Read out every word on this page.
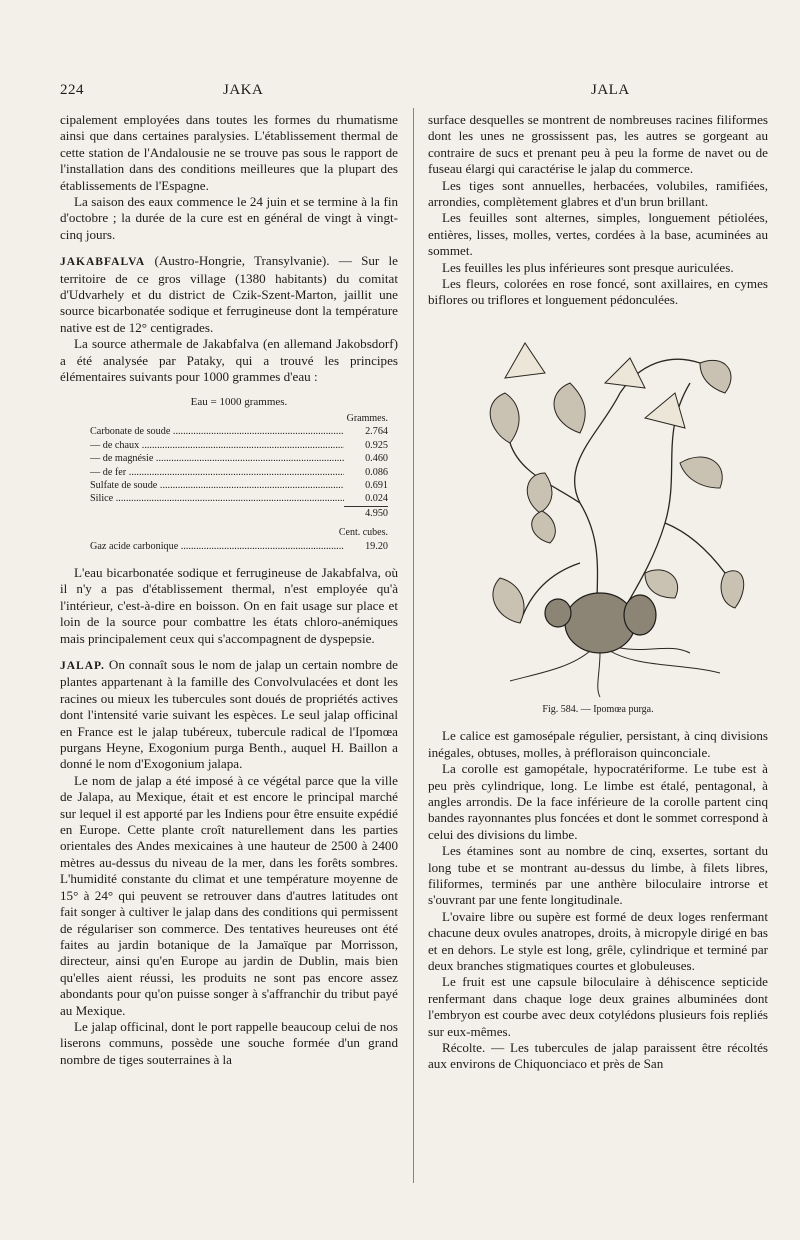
224	JAKA	JALA

cipalement employées dans toutes les formes du rhumatisme ainsi que dans certaines paralysies. L'établissement thermal de cette station de l'Andalousie ne se trouve pas sous le rapport de l'installation dans des conditions meilleures que la plupart des établissements de l'Espagne.

La saison des eaux commence le 24 juin et se termine à la fin d'octobre ; la durée de la cure est en général de vingt à vingt-cinq jours.

JAKABFALVA (Austro-Hongrie, Transylvanie). — Sur le territoire de ce gros village (1380 habitants) du comitat d'Udvarhely et du district de Czik-Szent-Marton, jaillit une source bicarbonatée sodique et ferrugineuse dont la température native est de 12° centigrades.

La source athermale de Jakabfalva (en allemand Jakobsdorf) a été analysée par Pataky, qui a trouvé les principes élémentaires suivants pour 1000 grammes d'eau :

Eau = 1000 grammes.
Grammes.
Carbonate de soude .....	2.764
— de chaux .....	0.925
— de magnésie .....	0.460
— de fer .....	0.086
Sulfate de soude .....	0.691
Silice .....	0.024
4.950
Cent. cubes.
Gaz acide carbonique .....	19.20

L'eau bicarbonatée sodique et ferrugineuse de Jakabfalva, où il n'y a pas d'établissement thermal, n'est employée qu'à l'intérieur, c'est-à-dire en boisson. On en fait usage sur place et loin de la source pour combattre les états chloro-anémiques mais principalement ceux qui s'accompagnent de dyspepsie.

JALAP. On connaît sous le nom de jalap un certain nombre de plantes appartenant à la famille des Convolvulacées et dont les racines ou mieux les tubercules sont doués de propriétés actives dont l'intensité varie suivant les espèces. Le seul jalap officinal en France est le jalap tubéreux, tubercule radical de l'Ipomœa purgans Heyne, Exogonium purga Benth., auquel H. Baillon a donné le nom d'Exogonium jalapa.

Le nom de jalap a été imposé à ce végétal parce que la ville de Jalapa, au Mexique, était et est encore le principal marché sur lequel il est apporté par les Indiens pour être ensuite expédié en Europe. Cette plante croît naturellement dans les parties orientales des Andes mexicaines à une hauteur de 2500 à 2400 mètres au-dessus du niveau de la mer, dans les forêts sombres. L'humidité constante du climat et une température moyenne de 15° à 24° qui peuvent se retrouver dans d'autres latitudes ont fait songer à cultiver le jalap dans des conditions qui permissent de régulariser son commerce. Des tentatives heureuses ont été faites au jardin botanique de la Jamaïque par Morrisson, directeur, ainsi qu'en Europe au jardin de Dublin, mais bien qu'elles aient réussi, les produits ne sont pas encore assez abondants pour qu'on puisse songer à s'affranchir du tribut payé au Mexique.

Le jalap officinal, dont le port rappelle beaucoup celui de nos liserons communs, possède une souche formée d'un grand nombre de tiges souterraines à la

surface desquelles se montrent de nombreuses racines filiformes dont les unes ne grossissent pas, les autres se gorgeant au contraire de sucs et prenant peu à peu la forme de navet ou de fuseau élargi qui caractérise le jalap du commerce.

Les tiges sont annuelles, herbacées, volubiles, ramifiées, arrondies, complètement glabres et d'un brun brillant.

Les feuilles sont alternes, simples, longuement pétiolées, entières, lisses, molles, vertes, cordées à la base, acuminées au sommet.

Les feuilles les plus inférieures sont presque auriculées.

Les fleurs, colorées en rose foncé, sont axillaires, en cymes biflores ou triflores et longuement pédonculées.

Fig. 584. — Ipomœa purga.

Le calice est gamosépale régulier, persistant, à cinq divisions inégales, obtuses, molles, à préfloraison quinconciale.

La corolle est gamopétale, hypocratériforme. Le tube est à peu près cylindrique, long. Le limbe est étalé, pentagonal, à angles arrondis. De la face inférieure de la corolle partent cinq bandes rayonnantes plus foncées et dont le sommet correspond à celui des divisions du limbe.

Les étamines sont au nombre de cinq, exsertes, sortant du long tube et se montrant au-dessus du limbe, à filets libres, filiformes, terminés par une anthère biloculaire introrse et s'ouvrant par une fente longitudinale.

L'ovaire libre ou supère est formé de deux loges renfermant chacune deux ovules anatropes, droits, à micropyle dirigé en bas et en dehors. Le style est long, grêle, cylindrique et terminé par deux branches stigmatiques courtes et globuleuses.

Le fruit est une capsule biloculaire à déhiscence septicide renfermant dans chaque loge deux graines albuminées dont l'embryon est courbe avec deux cotylédons plusieurs fois repliés sur eux-mêmes.

Récolte. — Les tubercules de jalap paraissent être récoltés aux environs de Chiquonciaco et près de San
